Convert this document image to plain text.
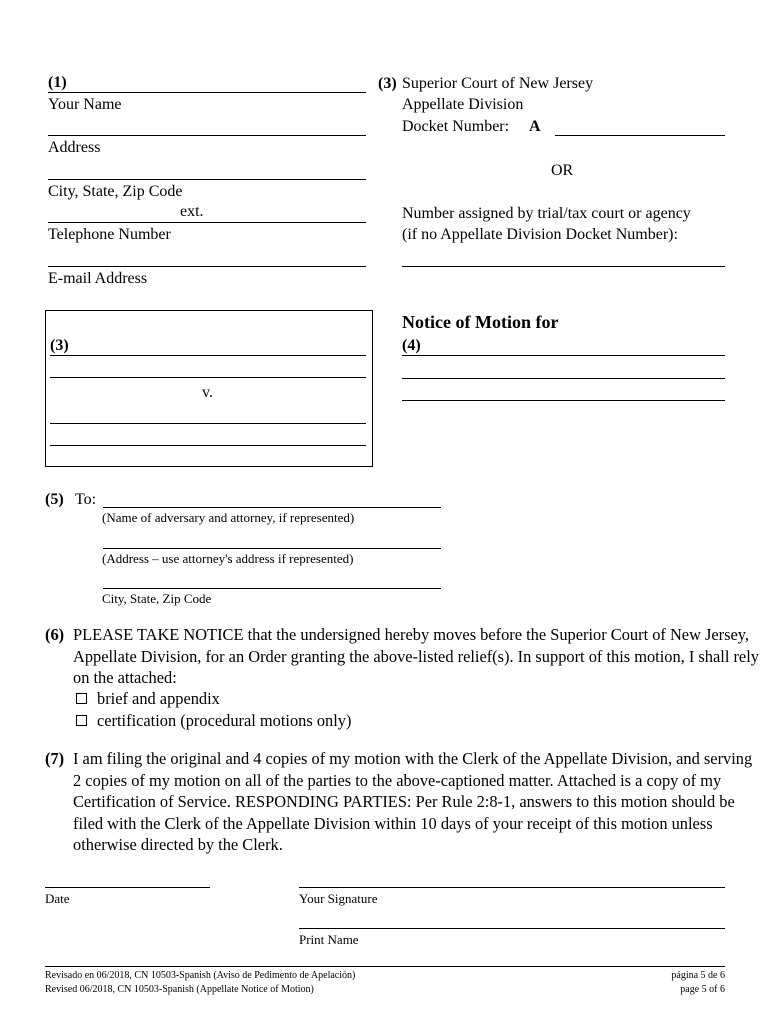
(1)
Your Name
Address
City, State, Zip Code
ext.
Telephone Number
E-mail Address
(3) Superior Court of New Jersey
Appellate Division
Docket Number: A
OR
Number assigned by trial/tax court or agency
(if no Appellate Division Docket Number):
(3)
v.
Notice of Motion for
(4)
(5) To:
(Name of adversary and attorney, if represented)
(Address – use attorney's address if represented)
City, State, Zip Code
(6) PLEASE TAKE NOTICE that the undersigned hereby moves before the Superior Court of New Jersey, Appellate Division, for an Order granting the above-listed relief(s). In support of this motion, I shall rely on the attached:
brief and appendix
certification (procedural motions only)
(7) I am filing the original and 4 copies of my motion with the Clerk of the Appellate Division, and serving 2 copies of my motion on all of the parties to the above-captioned matter. Attached is a copy of my Certification of Service. RESPONDING PARTIES: Per Rule 2:8-1, answers to this motion should be filed with the Clerk of the Appellate Division within 10 days of your receipt of this motion unless otherwise directed by the Clerk.
Date	Your Signature
Print Name
Revisado en 06/2018, CN 10503-Spanish (Aviso de Pedimento de Apelación)
Revised 06/2018, CN 10503-Spanish (Appellate Notice of Motion)
página 5 de 6
page 5 of 6
